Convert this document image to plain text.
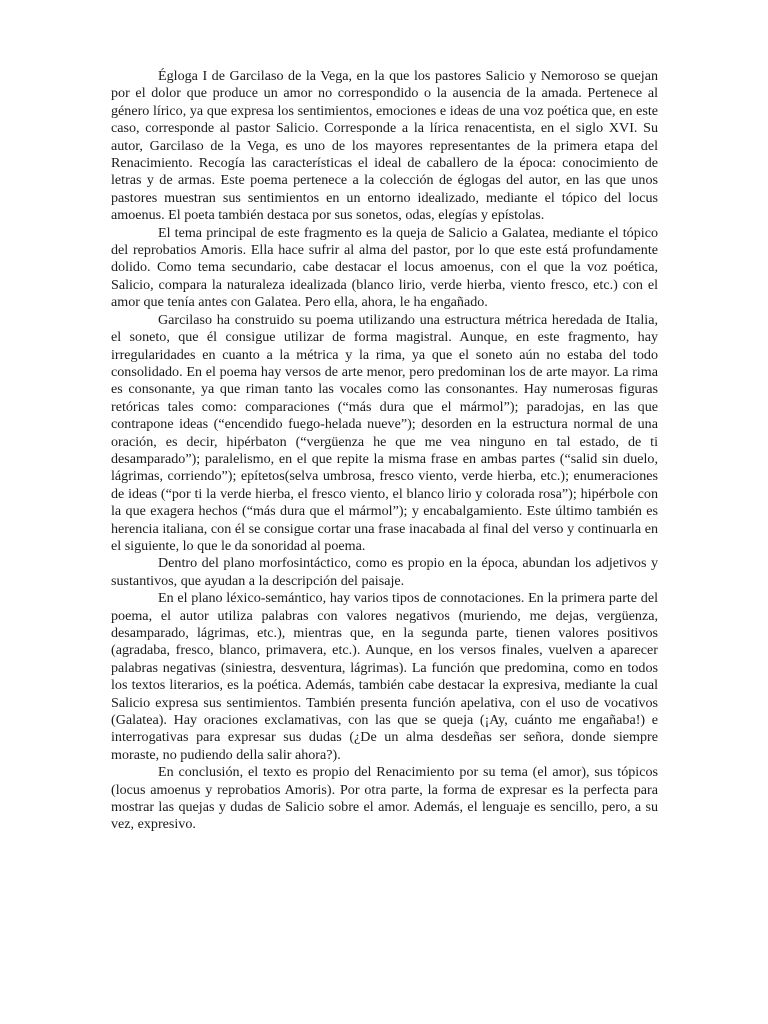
Égloga I de Garcilaso de la Vega, en la que los pastores Salicio y Nemoroso se quejan por el dolor que produce un amor no correspondido o la ausencia de la amada. Pertenece al género lírico, ya que expresa los sentimientos, emociones e ideas de una voz poética que, en este caso, corresponde al pastor Salicio. Corresponde a la lírica renacentista, en el siglo XVI. Su autor, Garcilaso de la Vega, es uno de los mayores representantes de la primera etapa del Renacimiento. Recogía las características el ideal de caballero de la época: conocimiento de letras y de armas. Este poema pertenece a la colección de églogas del autor, en las que unos pastores muestran sus sentimientos en un entorno idealizado, mediante el tópico del locus amoenus. El poeta también destaca por sus sonetos, odas, elegías y epístolas.

El tema principal de este fragmento es la queja de Salicio a Galatea, mediante el tópico del reprobatios Amoris. Ella hace sufrir al alma del pastor, por lo que este está profundamente dolido. Como tema secundario, cabe destacar el locus amoenus, con el que la voz poética, Salicio, compara la naturaleza idealizada (blanco lirio, verde hierba, viento fresco, etc.) con el amor que tenía antes con Galatea. Pero ella, ahora, le ha engañado.

Garcilaso ha construido su poema utilizando una estructura métrica heredada de Italia, el soneto, que él consigue utilizar de forma magistral. Aunque, en este fragmento, hay irregularidades en cuanto a la métrica y la rima, ya que el soneto aún no estaba del todo consolidado. En el poema hay versos de arte menor, pero predominan los de arte mayor. La rima es consonante, ya que riman tanto las vocales como las consonantes. Hay numerosas figuras retóricas tales como: comparaciones (“más dura que el mármol”); paradojas, en las que contrapone ideas (“encendido fuego-helada nueve”); desorden en la estructura normal de una oración, es decir, hipérbaton (“vergüenza he que me vea ninguno en tal estado, de ti desamparado”); paralelismo, en el que repite la misma frase en ambas partes (“salid sin duelo, lágrimas, corriendo”); epítetos(selva umbrosa, fresco viento, verde hierba, etc.); enumeraciones de ideas (“por ti la verde hierba, el fresco viento, el blanco lirio y colorada rosa”); hipérbole con la que exagera hechos (“más dura que el mármol”); y encabalgamiento. Este último también es herencia italiana, con él se consigue cortar una frase inacabada al final del verso y continuarla en el siguiente, lo que le da sonoridad al poema.

Dentro del plano morfosintáctico, como es propio en la época, abundan los adjetivos y sustantivos, que ayudan a la descripción del paisaje.

En el plano léxico-semántico, hay varios tipos de connotaciones. En la primera parte del poema, el autor utiliza palabras con valores negativos (muriendo, me dejas, vergüenza, desamparado, lágrimas, etc.), mientras que, en la segunda parte, tienen valores positivos (agradaba, fresco, blanco, primavera, etc.). Aunque, en los versos finales, vuelven a aparecer palabras negativas (siniestra, desventura, lágrimas). La función que predomina, como en todos los textos literarios, es la poética. Además, también cabe destacar la expresiva, mediante la cual Salicio expresa sus sentimientos. También presenta función apelativa, con el uso de vocativos (Galatea). Hay oraciones exclamativas, con las que se queja (¡Ay, cuánto me engañaba!) e interrogativas para expresar sus dudas (¿De un alma desdeñas ser señora, donde siempre moraste, no pudiendo della salir ahora?).

En conclusión, el texto es propio del Renacimiento por su tema (el amor), sus tópicos (locus amoenus y reprobatios Amoris). Por otra parte, la forma de expresar es la perfecta para mostrar las quejas y dudas de Salicio sobre el amor. Además, el lenguaje es sencillo, pero, a su vez, expresivo.
